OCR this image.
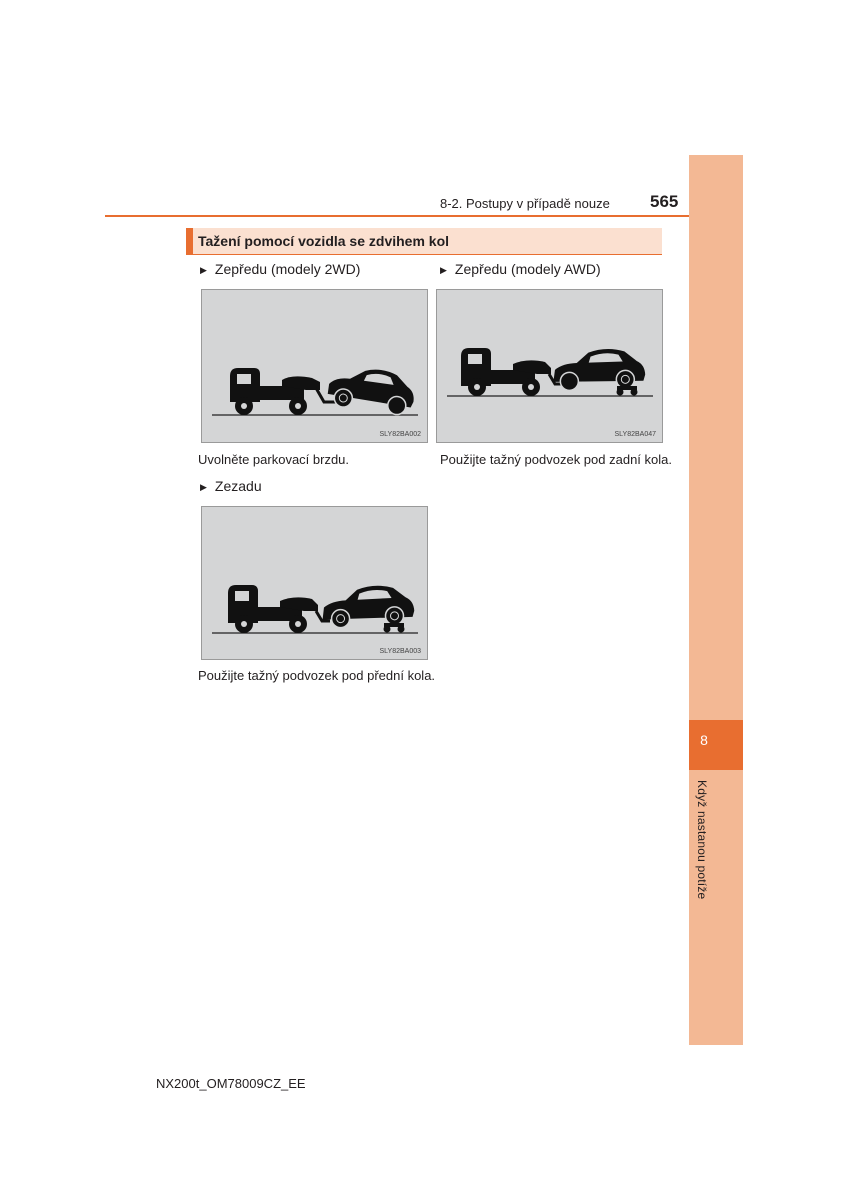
8
Když nastanou potíže
8-2. Postupy v případě nouze 565
Tažení pomocí vozidla se zdvihem kol
▶ Zepředu (modely 2WD)
SLY82BA002
Uvolněte parkovací brzdu.
▶ Zepředu (modely AWD)
SLY82BA047
Použijte tažný podvozek pod zadní kola.
▶ Zezadu
SLY82BA003
Použijte tažný podvozek pod přední kola.
NX200t_OM78009CZ_EE
